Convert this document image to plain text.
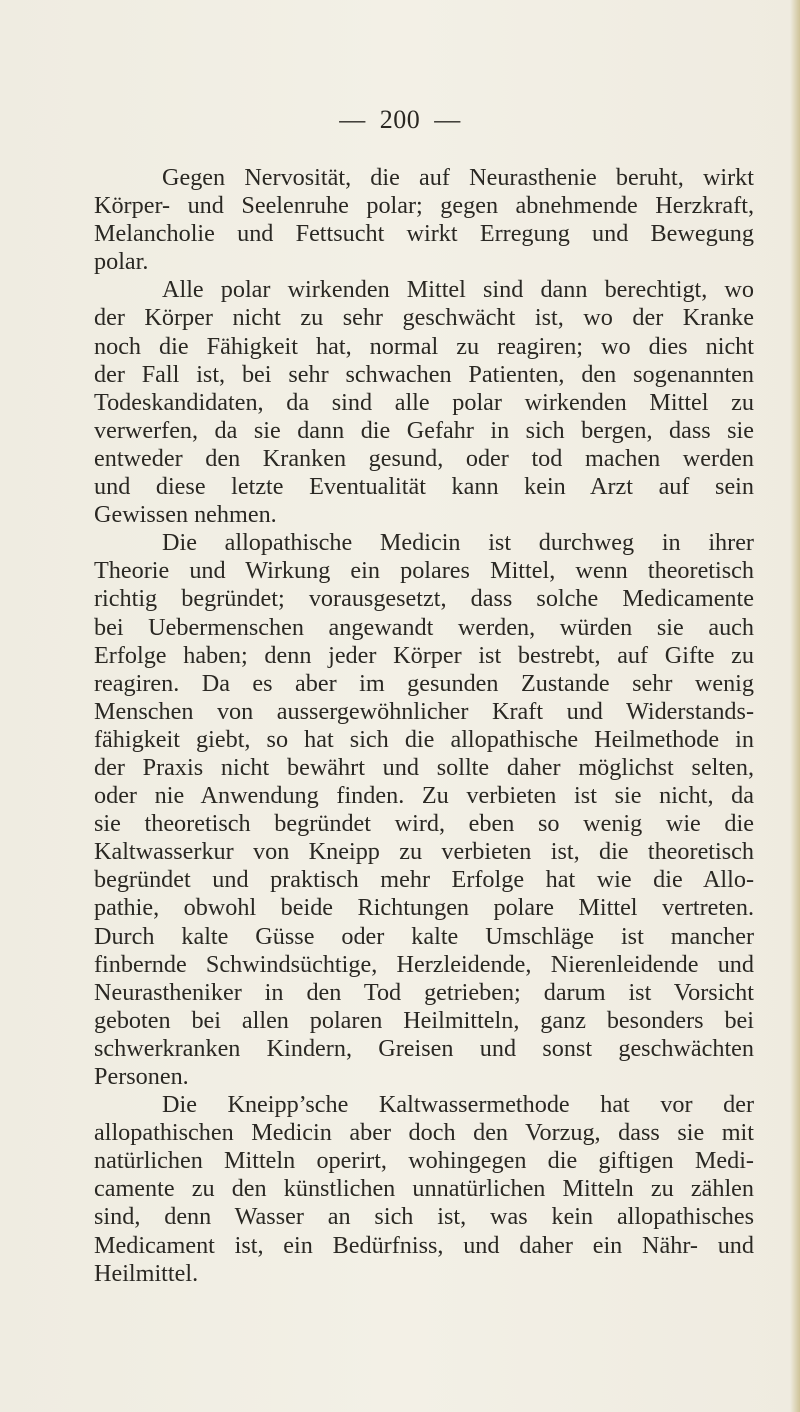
— 200 —

Gegen Nervosität, die auf Neurasthenie beruht, wirkt
Körper- und Seelenruhe polar; gegen abnehmende Herzkraft,
Melancholie und Fettsucht wirkt Erregung und Bewegung
polar.

Alle polar wirkenden Mittel sind dann berechtigt, wo
der Körper nicht zu sehr geschwächt ist, wo der Kranke
noch die Fähigkeit hat, normal zu reagiren; wo dies nicht
der Fall ist, bei sehr schwachen Patienten, den sogenannten
Todeskandidaten, da sind alle polar wirkenden Mittel zu
verwerfen, da sie dann die Gefahr in sich bergen, dass sie
entweder den Kranken gesund, oder tod machen werden
und diese letzte Eventualität kann kein Arzt auf sein
Gewissen nehmen.

Die allopathische Medicin ist durchweg in ihrer
Theorie und Wirkung ein polares Mittel, wenn theoretisch
richtig begründet; vorausgesetzt, dass solche Medicamente
bei Uebermenschen angewandt werden, würden sie auch
Erfolge haben; denn jeder Körper ist bestrebt, auf Gifte zu
reagiren. Da es aber im gesunden Zustande sehr wenig
Menschen von aussergewöhnlicher Kraft und Widerstands-
fähigkeit giebt, so hat sich die allopathische Heilmethode in
der Praxis nicht bewährt und sollte daher möglichst selten,
oder nie Anwendung finden. Zu verbieten ist sie nicht, da
sie theoretisch begründet wird, eben so wenig wie die
Kaltwasserkur von Kneipp zu verbieten ist, die theoretisch
begründet und praktisch mehr Erfolge hat wie die Allo-
pathie, obwohl beide Richtungen polare Mittel vertreten.
Durch kalte Güsse oder kalte Umschläge ist mancher
finbernde Schwindsüchtige, Herzleidende, Nierenleidende und
Neurastheniker in den Tod getrieben; darum ist Vorsicht
geboten bei allen polaren Heilmitteln, ganz besonders bei
schwerkranken Kindern, Greisen und sonst geschwächten
Personen.

Die Kneipp’sche Kaltwassermethode hat vor der
allopathischen Medicin aber doch den Vorzug, dass sie mit
natürlichen Mitteln operirt, wohingegen die giftigen Medi-
camente zu den künstlichen unnatürlichen Mitteln zu zählen
sind, denn Wasser an sich ist, was kein allopathisches
Medicament ist, ein Bedürfniss, und daher ein Nähr- und
Heilmittel.
